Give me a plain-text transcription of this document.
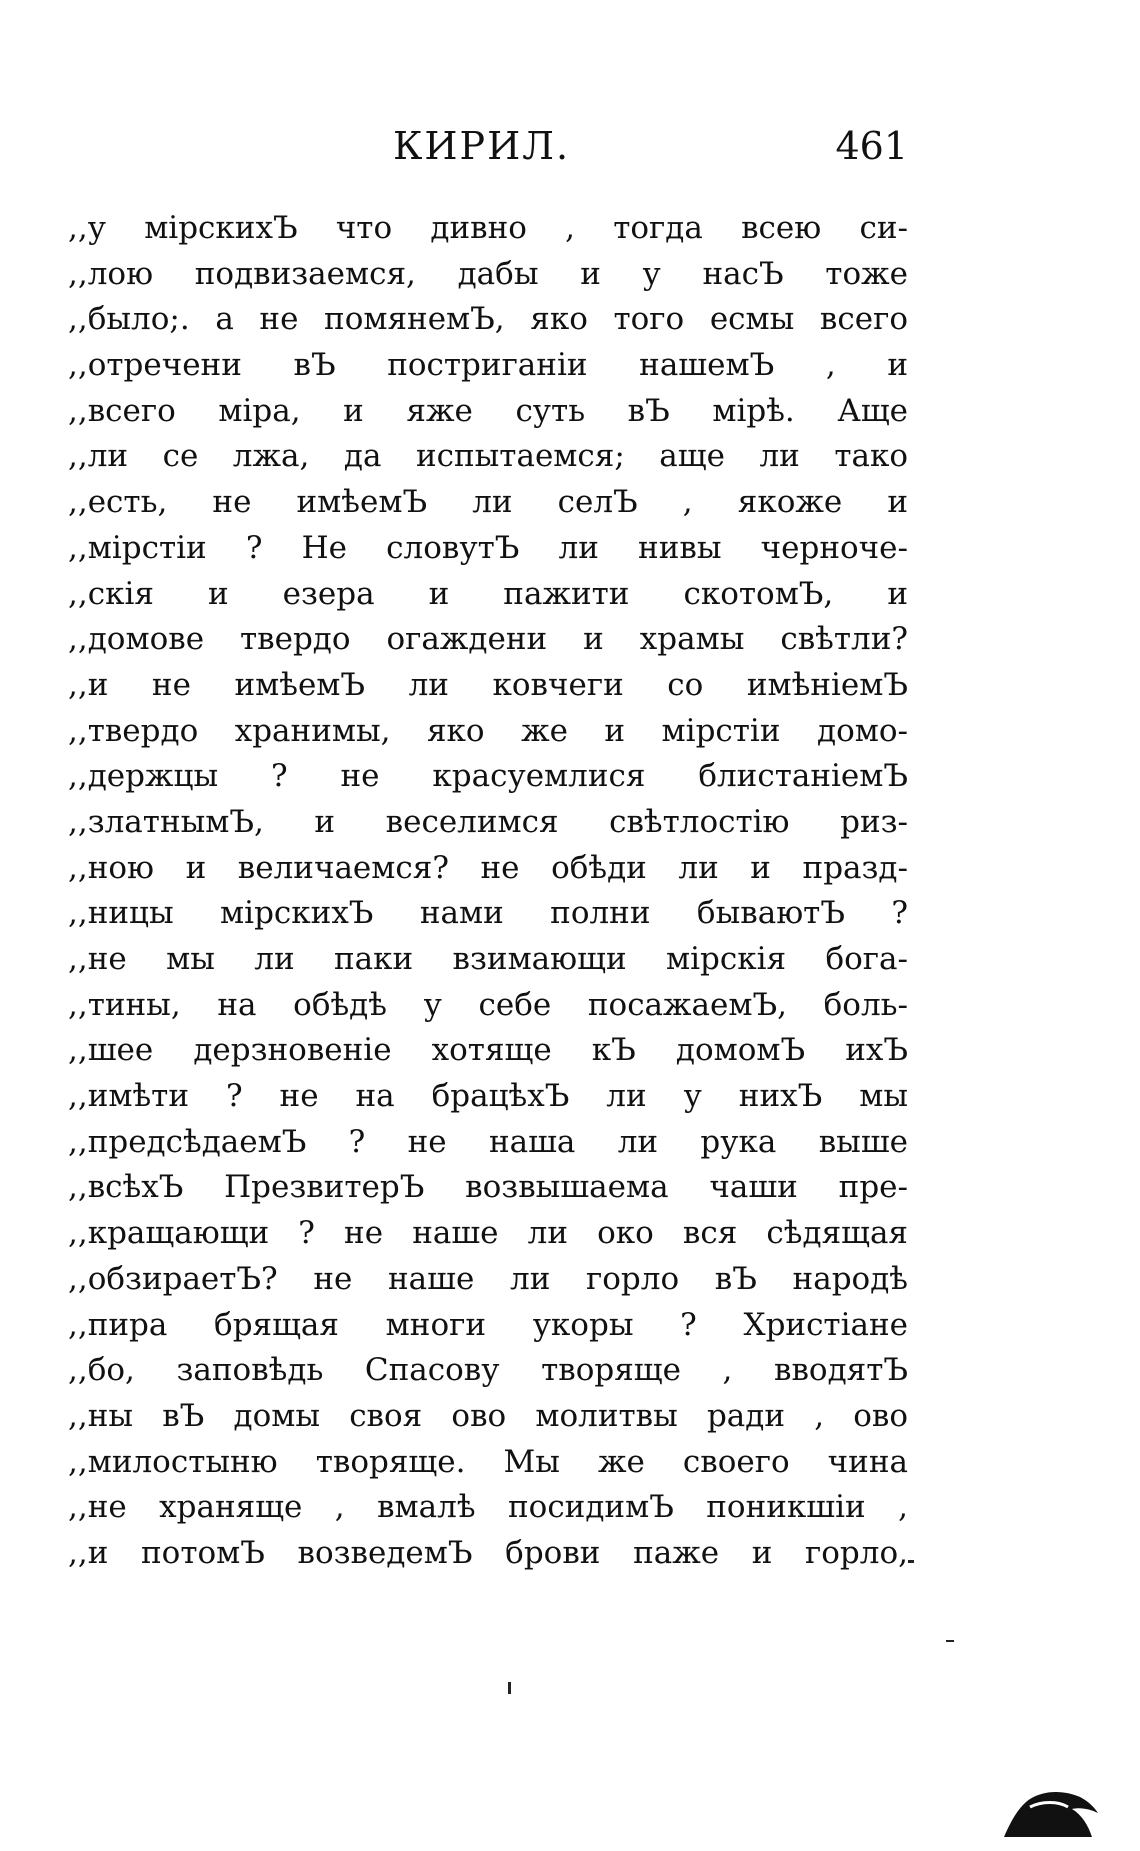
КИРИЛ.	461
,,у мірскихЪ что дивно , тогда всею си-
,,лою подвизаемся, дабы и у насЪ тоже
,,было;. а не помянемЪ, яко того есмы всего
,,отречени вЪ постриганіи нашемЪ , и
,,всего міра, и яже суть вЪ мірѣ. Аще
,,ли се лжа, да испытаемся; аще ли тако
,,есть, не имѣемЪ ли селЪ , якоже и
,,мірстіи ? Не словутЪ ли нивы черноче-
,,скія и езера и пажити скотомЪ, и
,,домове твердо огаждени и храмы свѣтли?
,,и не имѣемЪ ли ковчеги со имѣніемЪ
,,твердо хранимы, яко же и мірстіи домо-
,,держцы ? не красуемлися блистаніемЪ
,,златнымЪ, и веселимся свѣтлостію риз-
,,ною и величаемся? не обѣди ли и празд-
,,ницы мірскихЪ нами полни бываютЪ ?
,,не мы ли паки взимающи мірскія бога-
,,тины, на обѣдѣ у себе посажаемЪ, боль-
,,шее дерзновеніе хотяще кЪ домомЪ ихЪ
,,имѣти ? не на брацѣхЪ ли у нихЪ мы
,,предсѣдаемЪ ? не наша ли рука выше
,,всѣхЪ ПрезвитерЪ возвышаема чаши пре-
,,кращающи ? не наше ли око вся сѣдящая
,,обзираетЪ? не наше ли горло вЪ народѣ
,,пира брящая многи укоры ? Христіане
,,бо, заповѣдь Спасову творяще , вводятЪ
,,ны вЪ домы своя ово молитвы ради , ово
,,милостыню творяще. Мы же своего чина
,,не храняще , вмалѣ посидимЪ поникшіи ,
,,и потомЪ возведемЪ брови паже и горло,
